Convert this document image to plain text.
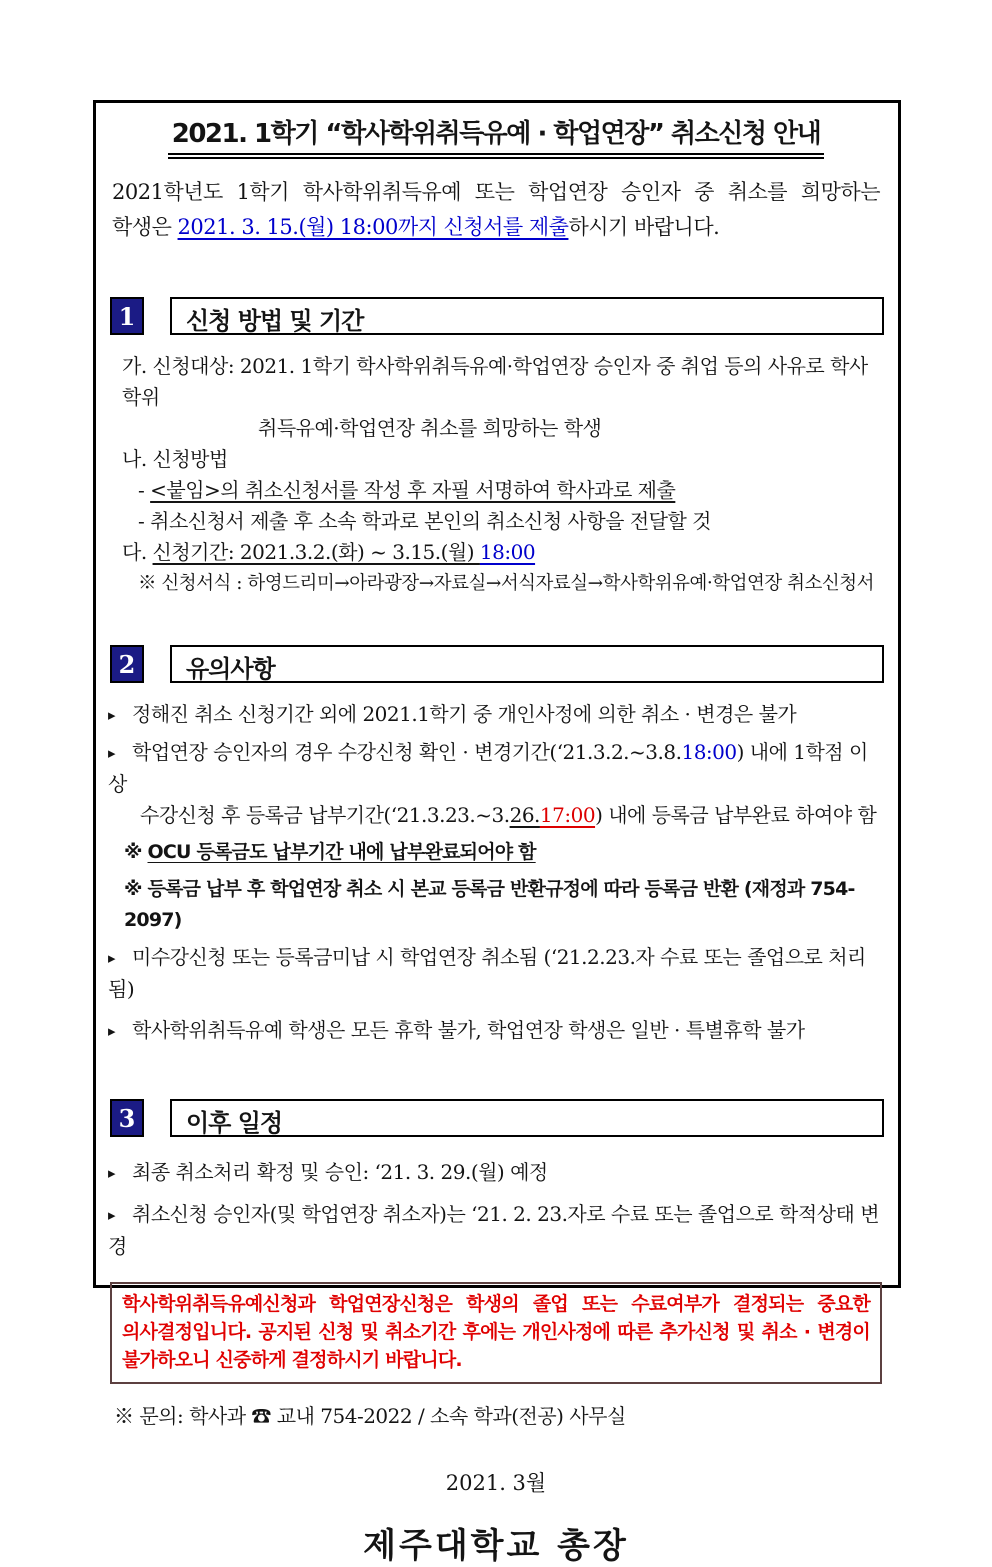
2021. 1학기 “학사학위취득유예 · 학업연장” 취소신청 안내

2021학년도 1학기 학사학위취득유예 또는 학업연장 승인자 중 취소를 희망하는 학생은 2021. 3. 15.(월) 18:00까지 신청서를 제출하시기 바랍니다.

1	신청 방법 및 기간

가. 신청대상: 2021. 1학기 학사학위취득유예·학업연장 승인자 중 취업 등의 사유로 학사학위

취득유예·학업연장 취소를 희망하는 학생

나. 신청방법

- <붙임>의 취소신청서를 작성 후 자필 서명하여 학사과로 제출

- 취소신청서 제출 후 소속 학과로 본인의 취소신청 사항을 전달할 것

다. 신청기간: 2021.3.2.(화) ~ 3.15.(월) 18:00

※ 신청서식 : 하영드리미→아라광장→자료실→서식자료실→학사학위유예·학업연장 취소신청서

2	유의사항

▸ 정해진 취소 신청기간 외에 2021.1학기 중 개인사정에 의한 취소 · 변경은 불가

▸ 학업연장 승인자의 경우 수강신청 확인 · 변경기간(‘21.3.2.~3.8.18:00) 내에 1학점 이상

수강신청 후 등록금 납부기간(‘21.3.23.~3.26.17:00) 내에 등록금 납부완료 하여야 함

※ OCU 등록금도 납부기간 내에 납부완료되어야 함

※ 등록금 납부 후 학업연장 취소 시 본교 등록금 반환규정에 따라 등록금 반환 (재정과 754-2097)

▸ 미수강신청 또는 등록금미납 시 학업연장 취소됨 (‘21.2.23.자 수료 또는 졸업으로 처리됨)

▸ 학사학위취득유예 학생은 모든 휴학 불가, 학업연장 학생은 일반 · 특별휴학 불가

3	이후 일정

▸ 최종 취소처리 확정 및 승인: ‘21. 3. 29.(월) 예정

▸ 취소신청 승인자(및 학업연장 취소자)는 ‘21. 2. 23.자로 수료 또는 졸업으로 학적상태 변경

학사학위취득유예신청과 학업연장신청은 학생의 졸업 또는 수료여부가 결정되는 중요한 의사결정입니다. 공지된 신청 및 취소기간 후에는 개인사정에 따른 추가신청 및 취소 · 변경이 불가하오니 신중하게 결정하시기 바랍니다.

※ 문의: 학사과 ☎ 교내 754-2022 / 소속 학과(전공) 사무실

2021. 3월

제주대학교 총장
